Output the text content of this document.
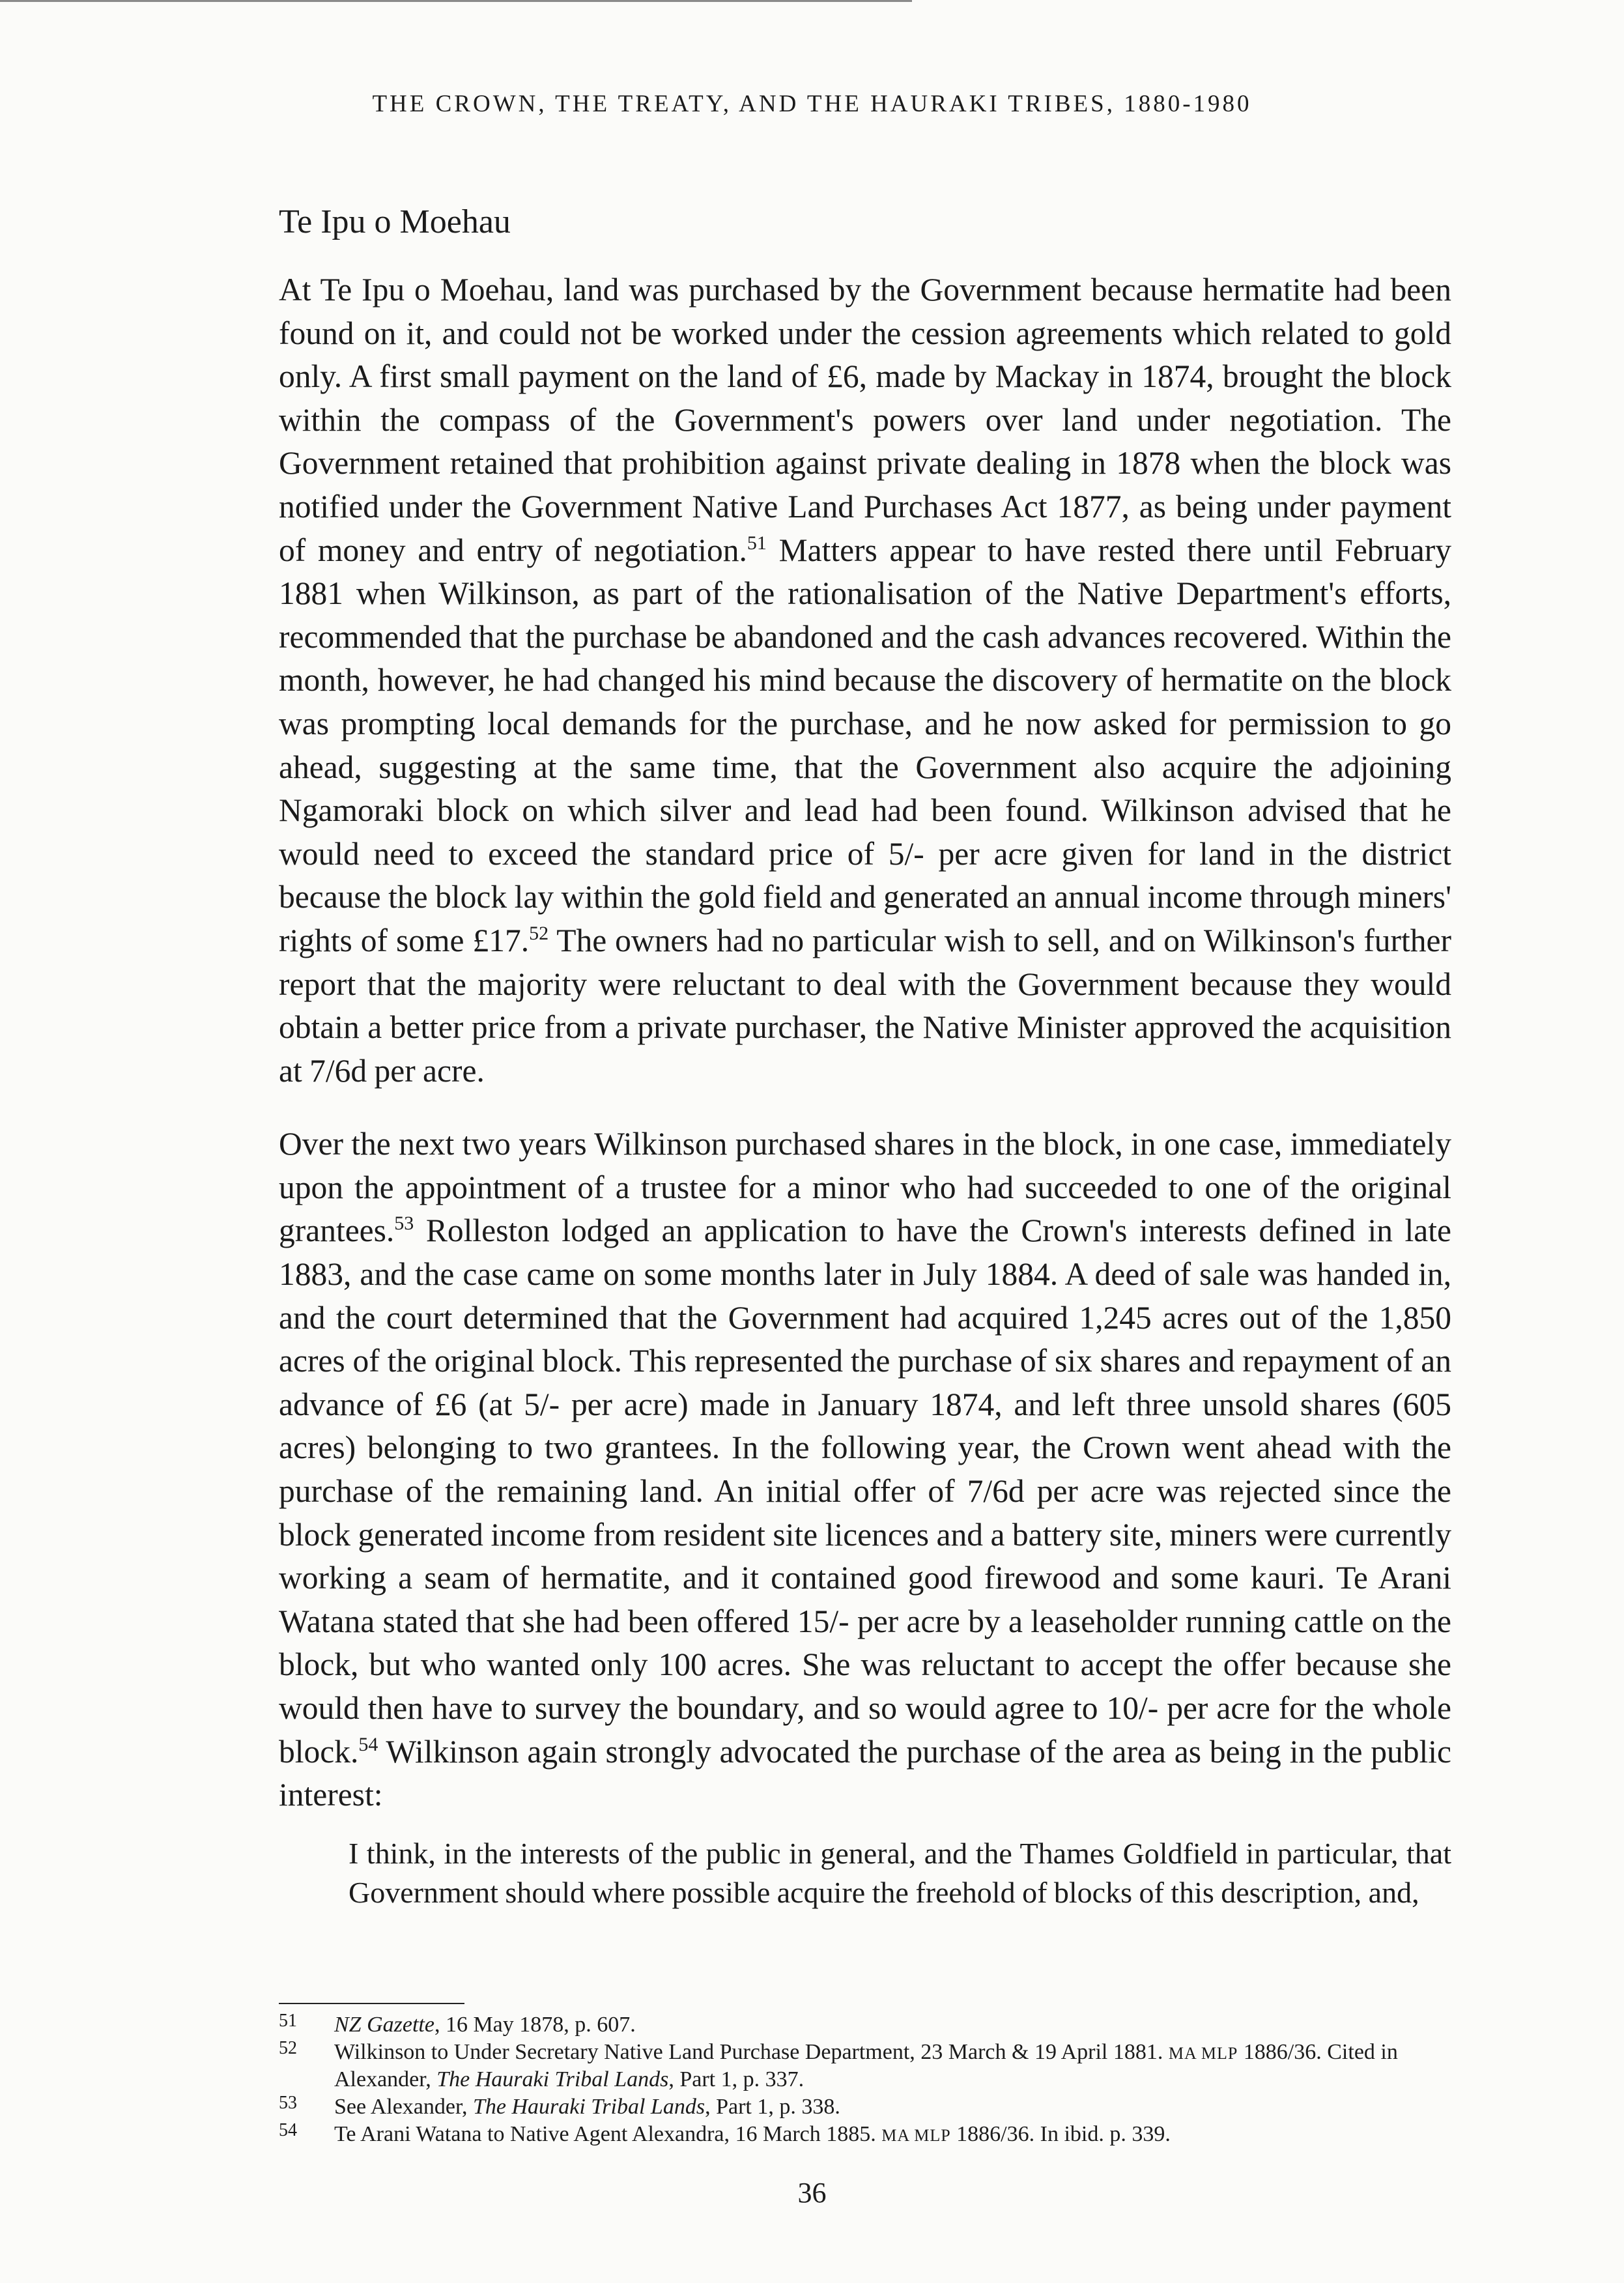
THE CROWN, THE TREATY, AND THE HAURAKI TRIBES, 1880-1980
Te Ipu o Moehau

At Te Ipu o Moehau, land was purchased by the Government because hermatite had been found on it, and could not be worked under the cession agreements which related to gold only. A first small payment on the land of £6, made by Mackay in 1874, brought the block within the compass of the Government's powers over land under negotiation. The Government retained that prohibition against private dealing in 1878 when the block was notified under the Government Native Land Purchases Act 1877, as being under payment of money and entry of negotiation.$^{51}$ Matters appear to have rested there until February 1881 when Wilkinson, as part of the rationalisation of the Native Department's efforts, recommended that the purchase be abandoned and the cash advances recovered. Within the month, however, he had changed his mind because the discovery of hermatite on the block was prompting local demands for the purchase, and he now asked for permission to go ahead, suggesting at the same time, that the Government also acquire the adjoining Ngamoraki block on which silver and lead had been found. Wilkinson advised that he would need to exceed the standard price of 5/- per acre given for land in the district because the block lay within the gold field and generated an annual income through miners' rights of some £17.52 The owners had no particular wish to sell, and on Wilkinson's further report that the majority were reluctant to deal with the Government because they would obtain a better price from a private purchaser, the Native Minister approved the acquisition at 7/6d per acre.

Over the next two years Wilkinson purchased shares in the block, in one case, immediately upon the appointment of a trustee for a minor who had succeeded to one of the original grantees.$^{53}$ Rolleston lodged an application to have the Crown's interests defined in late 1883, and the case came on some months later in July 1884. A deed of sale was handed in, and the court determined that the Government had acquired 1,245 acres out of the 1,850 acres of the original block. This represented the purchase of six shares and repayment of an advance of £6 (at 5/- per acre) made in January 1874, and left three unsold shares (605 acres) belonging to two grantees. In the following year, the Crown went ahead with the purchase of the remaining land. An initial offer of 7/6d per acre was rejected since the block generated income from resident site licences and a battery site, miners were currently working a seam of hermatite, and it contained good firewood and some kauri. Te Arani Watana stated that she had been offered 15/- per acre by a leaseholder running cattle on the block, but who wanted only 100 acres. She was reluctant to accept the offer because she would then have to survey the boundary, and so would agree to 10/- per acre for the whole block.$^{54}$ Wilkinson again strongly advocated the purchase of the area as being in the public interest:

I think, in the interests of the public in general, and the Thames Goldfield in particular, that Government should where possible acquire the freehold of blocks of this description, and,
51 NZ Gazette, 16 May 1878, p. 607.
52 Wilkinson to Under Secretary Native Land Purchase Department, 23 March & 19 April 1881. MA MLP 1886/36. Cited in Alexander, The Hauraki Tribal Lands, Part 1, p. 337.
53 See Alexander, The Hauraki Tribal Lands, Part 1, p. 338.
54 Te Arani Watana to Native Agent Alexandra, 16 March 1885. MA MLP 1886/36. In ibid. p. 339.
36
